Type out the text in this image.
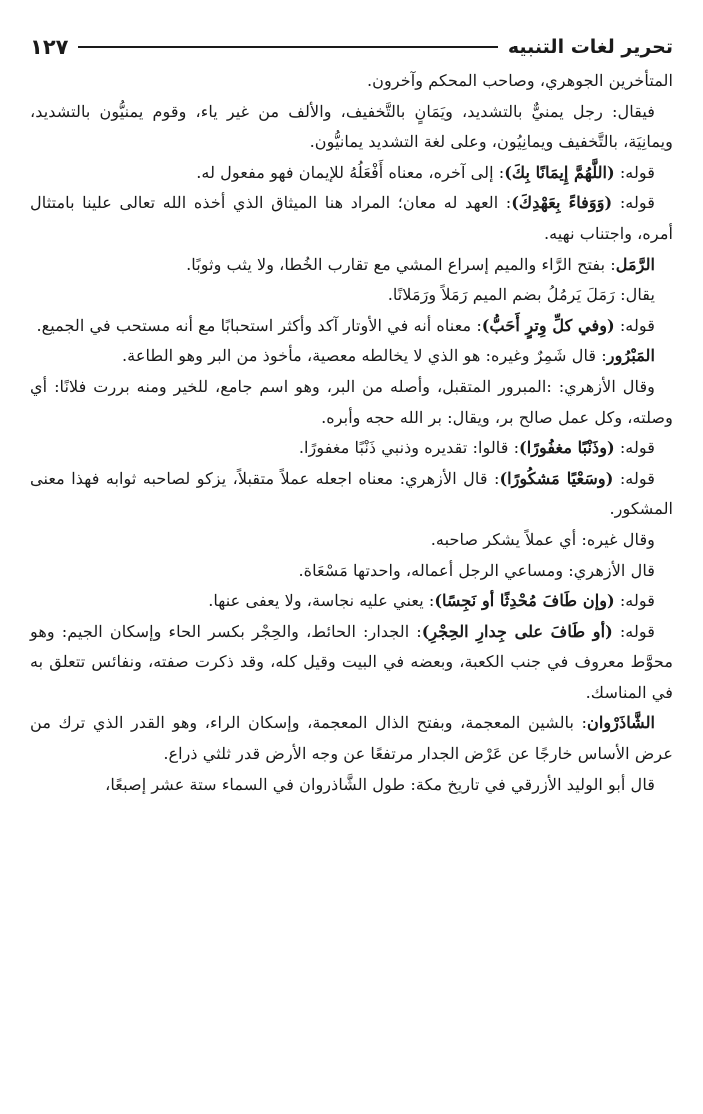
تحرير لغات التنبيه
١٢٧

المتأخرين الجوهري، وصاحب المحكم وآخرون.

فيقال: رجل يمنيٌّ بالتشديد، ويَمَانٍ بالتَّخفيف، والألف من غير ياء، وقوم يمنيُّون بالتشديد، ويمانِيَة، بالتَّخفيف ويمانِيُون، وعلى لغة التشديد يمانيُّون.

قوله: (اللَّهُمَّ إِيمَانًا بِكَ): إلى آخره، معناه أَفْعَلُهُ للإيمان فهو مفعول له.

قوله: (وَوَفاءً بِعَهْدِكَ): العهد له معان؛ المراد هنا الميثاق الذي أخذه الله تعالى علينا بامتثال أمره، واجتناب نهيه.

الرَّمَل: بفتح الرَّاء والميم إسراع المشي مع تقارب الخُطا، ولا يثب وثوبًا.

يقال: رَمَلَ يَرمُلُ بضم الميم رَمَلاً ورَمَلانًا.

قوله: (وفي كلِّ وِترٍ أَحَبُّ): معناه أنه في الأوتار آكد وأكثر استحبابًا مع أنه مستحب في الجميع.

المَبْرُور: قال شَمِرٌ وغيره: هو الذي لا يخالطه معصية، مأخوذ من البر وهو الطاعة.

وقال الأزهري: :المبرور المتقبل، وأصله من البر، وهو اسم جامع، للخير ومنه بررت فلانًا: أي وصلته، وكل عمل صالح بر، ويقال: بر الله حجه وأبره.

قوله: (وذَنْبًا مغفُورًا): قالوا: تقديره وذنبي ذَنْبًا مغفورًا.

قوله: (وسَعْيًا مَشكُورًا): قال الأزهري: معناه اجعله عملاً متقبلاً، يزكو لصاحبه ثوابه فهذا معنى المشكور.

وقال غيره: أي عملاً يشكر صاحبه.

قال الأزهري: ومساعي الرجل أعماله، واحدتها مَسْعَاة.

قوله: (وإن طَافَ مُحْدِثًا أو نَجِسًا): يعني عليه نجاسة، ولا يعفى عنها.

قوله: (أو طَافَ على جِدارِ الحِجْرِ): الجدار: الحائط، والحِجْر بكسر الحاء وإسكان الجيم: وهو محوَّط معروف في جنب الكعبة، وبعضه في البيت وقيل كله، وقد ذكرت صفته، ونفائس تتعلق به في المناسك.

الشَّاذَرْوان: بالشين المعجمة، وبفتح الذال المعجمة، وإسكان الراء، وهو القدر الذي ترك من عرض الأساس خارجًا عن عَرْض الجدار مرتفعًا عن وجه الأرض قدر ثلثي ذراع.

قال أبو الوليد الأزرقي في تاريخ مكة: طول الشَّاذروان في السماء ستة عشر إصبعًا،
